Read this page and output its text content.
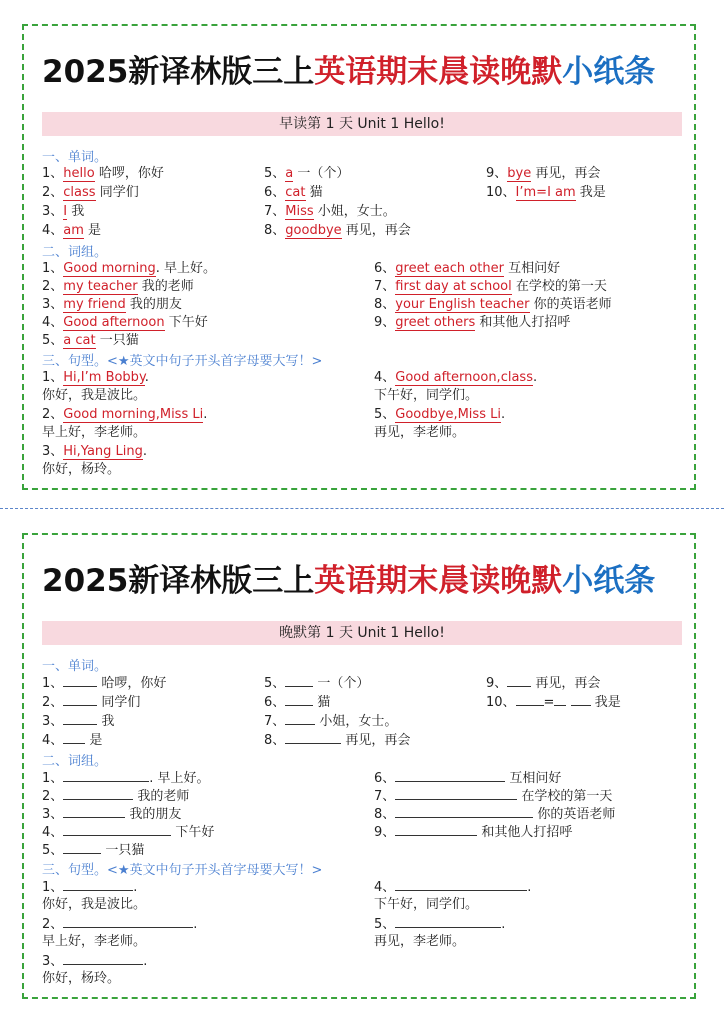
2025新译林版三上英语期末晨读晚默小纸条
早读第 1 天 Unit 1 Hello!
一、单词。
1、hello 哈啰，你好
2、class 同学们
3、I 我
4、am 是
5、a 一（个）
6、cat 猫
7、Miss 小姐，女士。
8、goodbye 再见，再会
9、bye 再见，再会
10、I’m=I am 我是
二、词组。
1、Good morning. 早上好。
2、my teacher 我的老师
3、my friend 我的朋友
4、Good afternoon 下午好
5、a cat 一只猫
6、greet each other 互相问好
7、first day at school 在学校的第一天
8、your English teacher 你的英语老师
9、greet others 和其他人打招呼
三、句型。<★英文中句子开头首字母要大写！>
1、Hi,I’m Bobby.
你好，我是波比。
2、Good morning,Miss Li.
早上好，李老师。
3、Hi,Yang Ling.
你好，杨玲。
4、Good afternoon,class.
下午好，同学们。
5、Goodbye,Miss Li.
再见，李老师。
2025新译林版三上英语期末晨读晚默小纸条
晚默第 1 天 Unit 1 Hello!
一、单词。
1、	哈啰，你好
2、	同学们
3、	我
4、 是
5、 一（个）
6、 猫
7、 小姐，女士。
8、	再见，再会
9、 再见，再会
10、 =	我是
二、词组。
1、	. 早上好。
2、	我的老师
3、	我的朋友
4、	下午好
5、	一只猫
6、	互相问好
7、	在学校的第一天
8、	你的英语老师
9、	和其他人打招呼
三、句型。<★英文中句子开头首字母要大写！>
1、	.
你好，我是波比。
2、	.
早上好，李老师。
3、	.
你好，杨玲。
4、	.
下午好，同学们。
5、	.
再见，李老师。
